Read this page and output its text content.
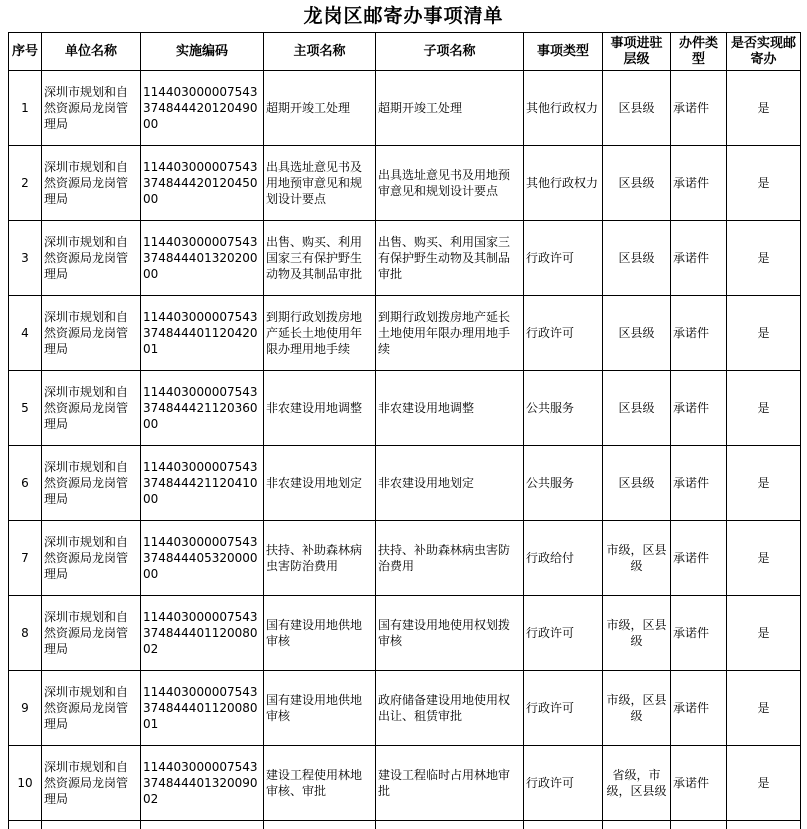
龙岗区邮寄办事项清单
序号	单位名称	实施编码	主项名称	子项名称	事项类型	事项进驻层级	办件类型	是否实现邮寄办
1	深圳市规划和自然资源局龙岗管理局	11440300000754337484442012049000	超期开竣工处理	超期开竣工处理	其他行政权力	区县级	承诺件	是
2	深圳市规划和自然资源局龙岗管理局	11440300000754337484442012045000	出具选址意见书及用地预审意见和规划设计要点	出具选址意见书及用地预审意见和规划设计要点	其他行政权力	区县级	承诺件	是
3	深圳市规划和自然资源局龙岗管理局	11440300000754337484440132020000	出售、购买、利用国家三有保护野生动物及其制品审批	出售、购买、利用国家三有保护野生动物及其制品审批	行政许可	区县级	承诺件	是
4	深圳市规划和自然资源局龙岗管理局	11440300000754337484440112042001	到期行政划拨房地产延长土地使用年限办理用地手续	到期行政划拨房地产延长土地使用年限办理用地手续	行政许可	区县级	承诺件	是
5	深圳市规划和自然资源局龙岗管理局	11440300000754337484442112036000	非农建设用地调整	非农建设用地调整	公共服务	区县级	承诺件	是
6	深圳市规划和自然资源局龙岗管理局	11440300000754337484442112041000	非农建设用地划定	非农建设用地划定	公共服务	区县级	承诺件	是
7	深圳市规划和自然资源局龙岗管理局	11440300000754337484440532000000	扶持、补助森林病虫害防治费用	扶持、补助森林病虫害防治费用	行政给付	市级，区县级	承诺件	是
8	深圳市规划和自然资源局龙岗管理局	11440300000754337484440112008002	国有建设用地供地审核	国有建设用地使用权划拨审核	行政许可	市级，区县级	承诺件	是
9	深圳市规划和自然资源局龙岗管理局	11440300000754337484440112008001	国有建设用地供地审核	政府储备建设用地使用权出让、租赁审批	行政许可	市级，区县级	承诺件	是
10	深圳市规划和自然资源局龙岗管理局	11440300000754337484440132009002	建设工程使用林地审核、审批	建设工程临时占用林地审批	行政许可	省级，市级，区县级	承诺件	是
